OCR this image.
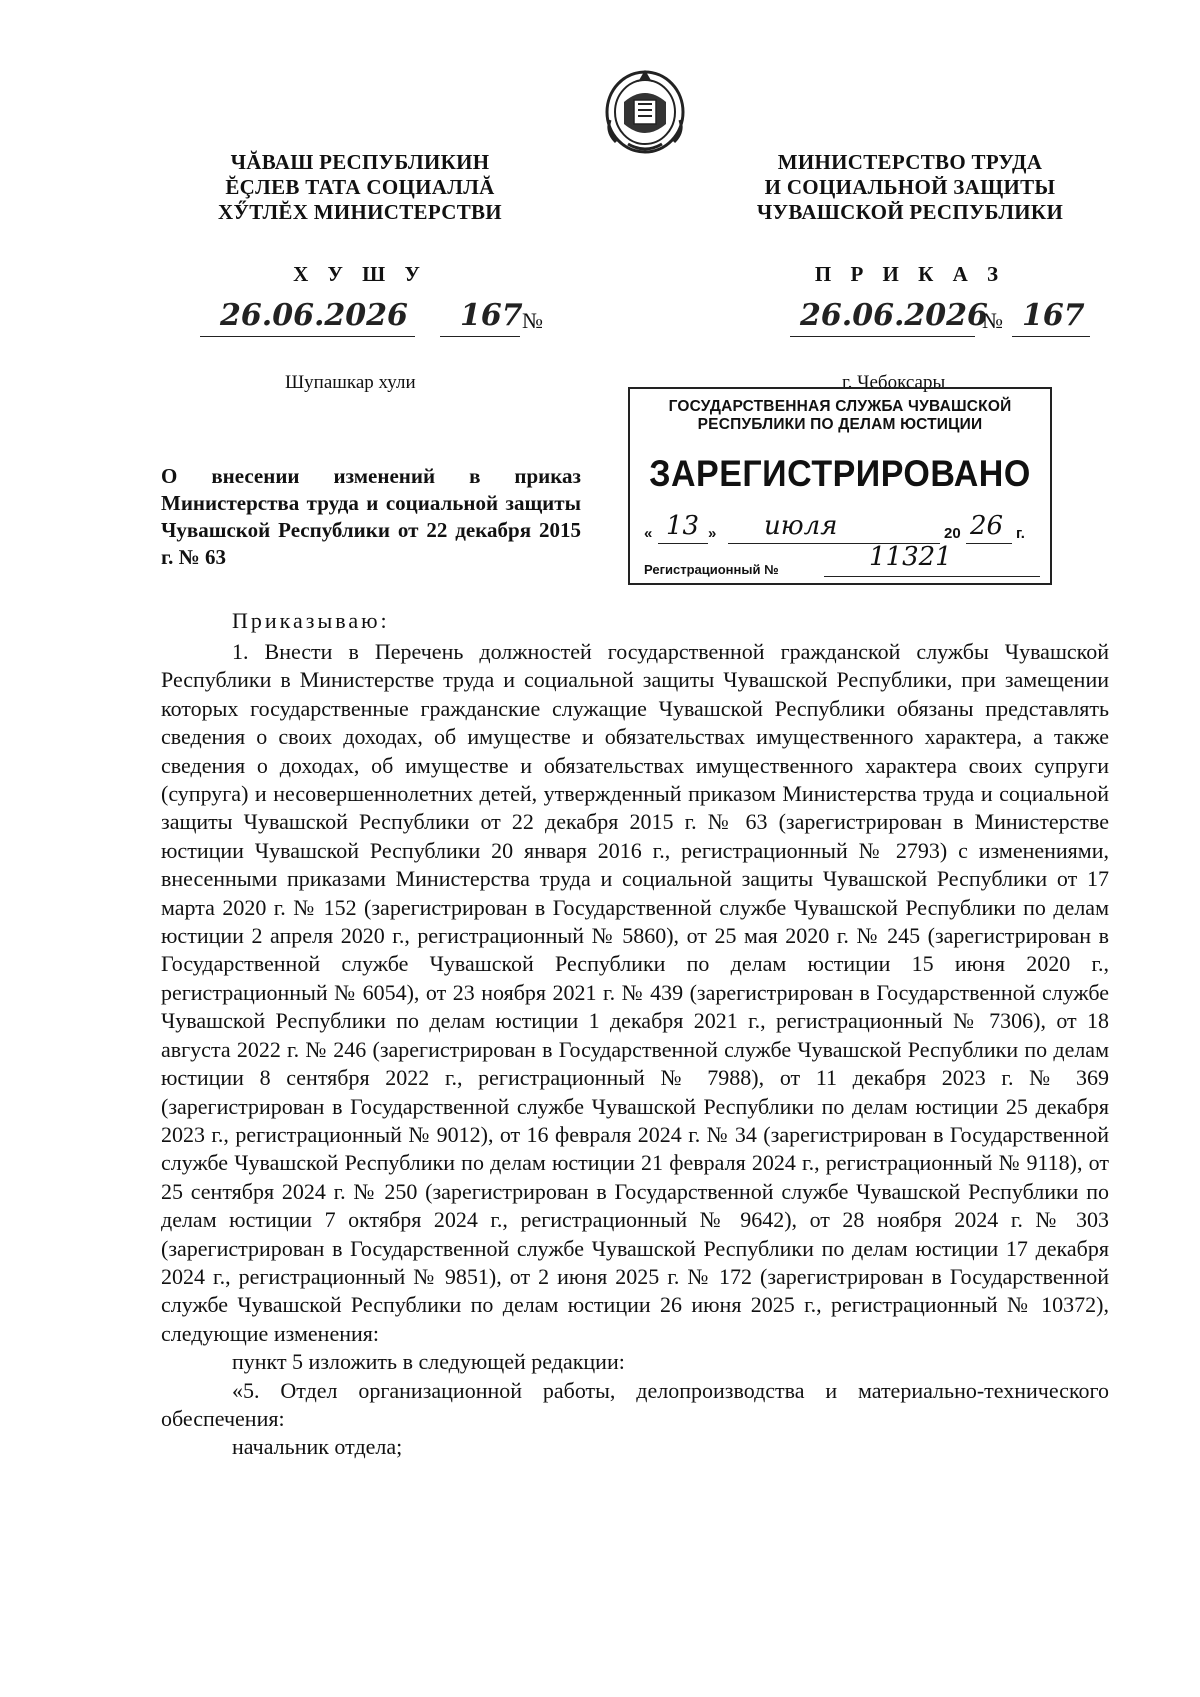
ЧĂВАШ РЕСПУБЛИКИН
ĔÇЛЕВ ТАТА СОЦИАЛЛĂ
ХӲТЛĔХ МИНИСТЕРСТВИ
МИНИСТЕРСТВО ТРУДА
И СОЦИАЛЬНОЙ ЗАЩИТЫ
ЧУВАШСКОЙ РЕСПУБЛИКИ
Х У Ш У	П Р И К А З
26.06.2026 167 №	26.06.2026
№ 167
Шупашкар хули	г. Чебоксары
ГОСУДАРСТВЕННАЯ СЛУЖБА ЧУВАШСКОЙ РЕСПУБЛИКИ ПО ДЕЛАМ ЮСТИЦИИ
ЗАРЕГИСТРИРОВАНО
« 13 » июля	20 26 г.
Регистрационный №	11321
О внесении изменений в приказ Министерства труда и социальной защиты Чувашской Республики от 22 декабря 2015 г. № 63
Приказываю:

1. Внести в Перечень должностей государственной гражданской службы Чувашской Республики в Министерстве труда и социальной защиты Чувашской Республики, при замещении которых государственные гражданские служащие Чувашской Республики обязаны представлять сведения о своих доходах, об имуществе и обязательствах имущественного характера, а также сведения о доходах, об имуществе и обязательствах имущественного характера своих супруги (супруга) и несовершеннолетних детей, утвержденный приказом Министерства труда и социальной защиты Чувашской Республики от 22 декабря 2015 г. № 63 (зарегистрирован в Министерстве юстиции Чувашской Республики 20 января 2016 г., регистрационный № 2793) с изменениями, внесенными приказами Министерства труда и социальной защиты Чувашской Республики от 17 марта 2020 г. № 152 (зарегистрирован в Государственной службе Чувашской Республики по делам юстиции 2 апреля 2020 г., регистрационный № 5860), от 25 мая 2020 г. № 245 (зарегистрирован в Государственной службе Чувашской Республики по делам юстиции 15 июня 2020 г., регистрационный № 6054), от 23 ноября 2021 г. № 439 (зарегистрирован в Государственной службе Чувашской Республики по делам юстиции 1 декабря 2021 г., регистрационный № 7306), от 18 августа 2022 г. № 246 (зарегистрирован в Государственной службе Чувашской Республики по делам юстиции 8 сентября 2022 г., регистрационный № 7988), от 11 декабря 2023 г. № 369 (зарегистрирован в Государственной службе Чувашской Республики по делам юстиции 25 декабря 2023 г., регистрационный № 9012), от 16 февраля 2024 г. № 34 (зарегистрирован в Государственной службе Чувашской Республики по делам юстиции 21 февраля 2024 г., регистрационный № 9118), от 25 сентября 2024 г. № 250 (зарегистрирован в Государственной службе Чувашской Республики по делам юстиции 7 октября 2024 г., регистрационный № 9642), от 28 ноября 2024 г. № 303 (зарегистрирован в Государственной службе Чувашской Республики по делам юстиции 17 декабря 2024 г., регистрационный № 9851), от 2 июня 2025 г. № 172 (зарегистрирован в Государственной службе Чувашской Республики по делам юстиции 26 июня 2025 г., регистрационный № 10372), следующие изменения:

пункт 5 изложить в следующей редакции:

«5. Отдел организационной работы, делопроизводства и материально-технического обеспечения:

начальник отдела;
